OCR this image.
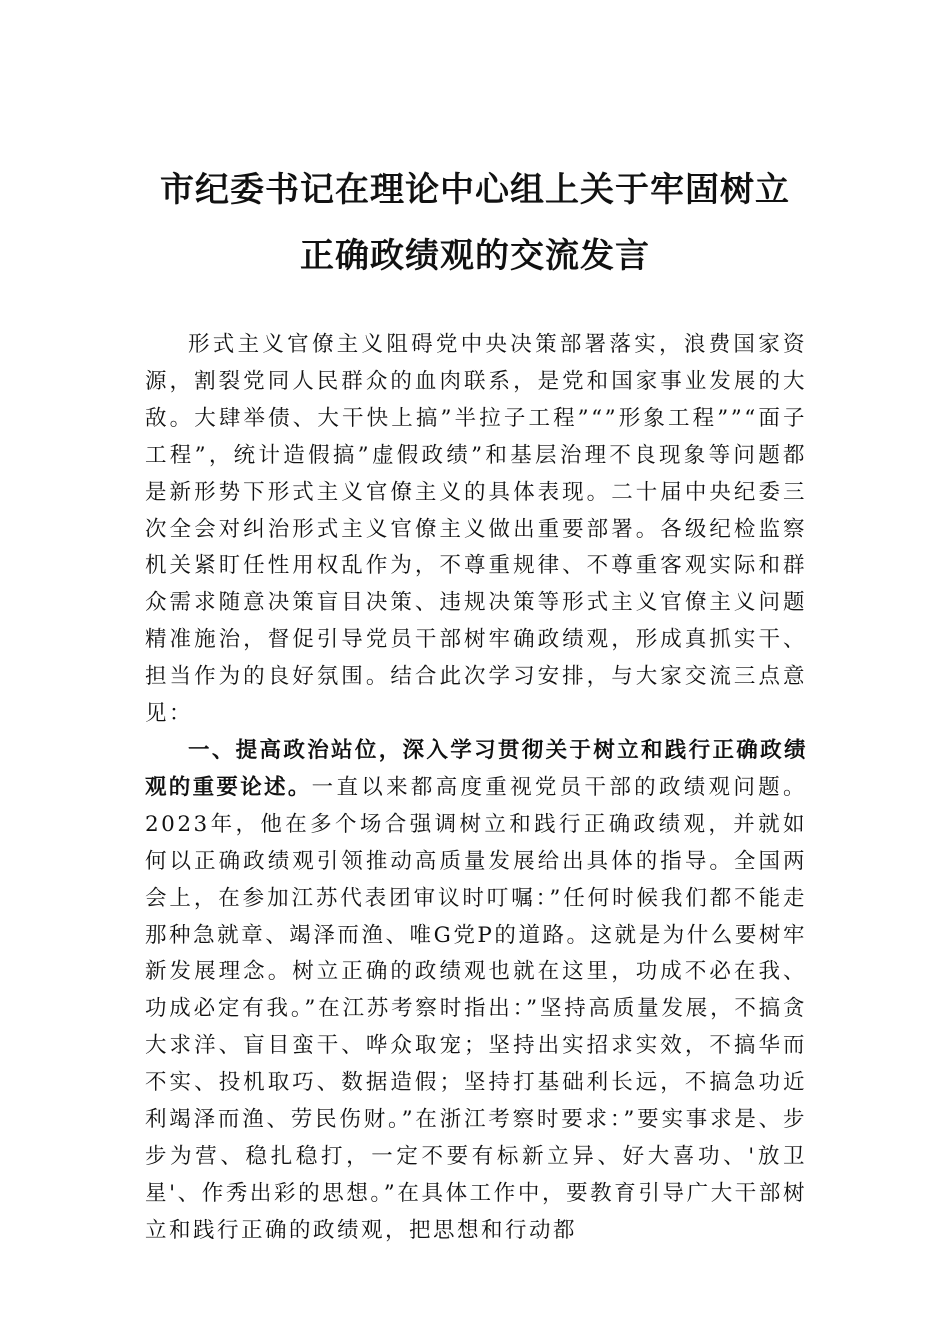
市纪委书记在理论中心组上关于牢固树立
正确政绩观的交流发言

形式主义官僚主义阻碍党中央决策部署落实，浪费国家资源，割裂党同人民群众的血肉联系，是党和国家事业发展的大敌。大肆举债、大干快上搞”半拉子工程”“”形象工程””“面子工程”，统计造假搞”虚假政绩”和基层治理不良现象等问题都是新形势下形式主义官僚主义的具体表现。二十届中央纪委三次全会对纠治形式主义官僚主义做出重要部署。各级纪检监察机关紧盯任性用权乱作为，不尊重规律、不尊重客观实际和群众需求随意决策盲目决策、违规决策等形式主义官僚主义问题精准施治，督促引导党员干部树牢确政绩观，形成真抓实干、担当作为的良好氛围。结合此次学习安排，与大家交流三点意见：

一、提高政治站位，深入学习贯彻关于树立和践行正确政绩观的重要论述。一直以来都高度重视党员干部的政绩观问题。2023年，他在多个场合强调树立和践行正确政绩观，并就如何以正确政绩观引领推动高质量发展给出具体的指导。全国两会上，在参加江苏代表团审议时叮嘱：”任何时候我们都不能走那种急就章、竭泽而渔、唯G党P的道路。这就是为什么要树牢新发展理念。树立正确的政绩观也就在这里，功成不必在我、功成必定有我。”在江苏考察时指出：”坚持高质量发展，不搞贪大求洋、盲目蛮干、哗众取宠；坚持出实招求实效，不搞华而不实、投机取巧、数据造假；坚持打基础利长远，不搞急功近利竭泽而渔、劳民伤财。”在浙江考察时要求：”要实事求是、步步为营、稳扎稳打，一定不要有标新立异、好大喜功、'放卫星'、作秀出彩的思想。”在具体工作中，要教育引导广大干部树立和践行正确的政绩观，把思想和行动都
